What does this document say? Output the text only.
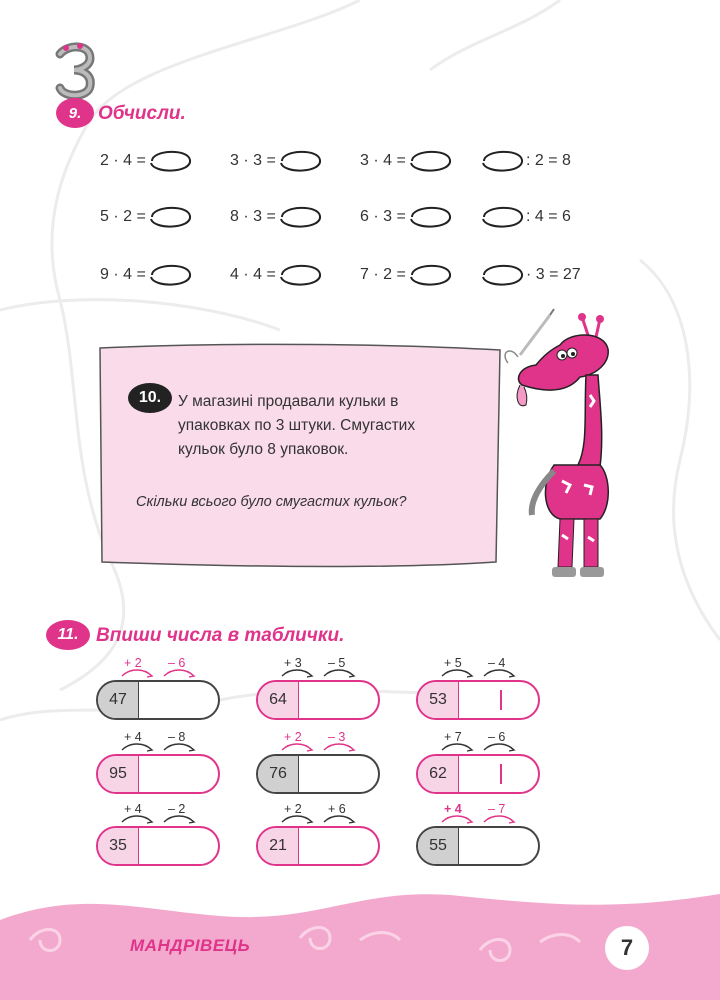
9. Обчисли.
2 · 4 =	3 · 3 =	3 · 4 =	: 2 = 8
5 · 2 =	8 · 3 =	6 · 3 =	: 4 = 6
9 · 4 =	4 · 4 =	7 · 2 =	· 3 = 27
10. У магазині продавали кульки в
упаковках по 3 штуки. Смугастих
кульок було 8 упаковок.
Скільки всього було смугастих кульок?
11. Впиши числа в таблички.
+ 2 – 6
47
+ 3 – 5
64
+ 5 – 4
53
+ 4 – 8
95
+ 2 – 3
76
+ 7 – 6
62
+ 4 – 2
35
+ 2 + 6
21
+ 4 – 7
55
МАНДРІВЕЦЬ	7
